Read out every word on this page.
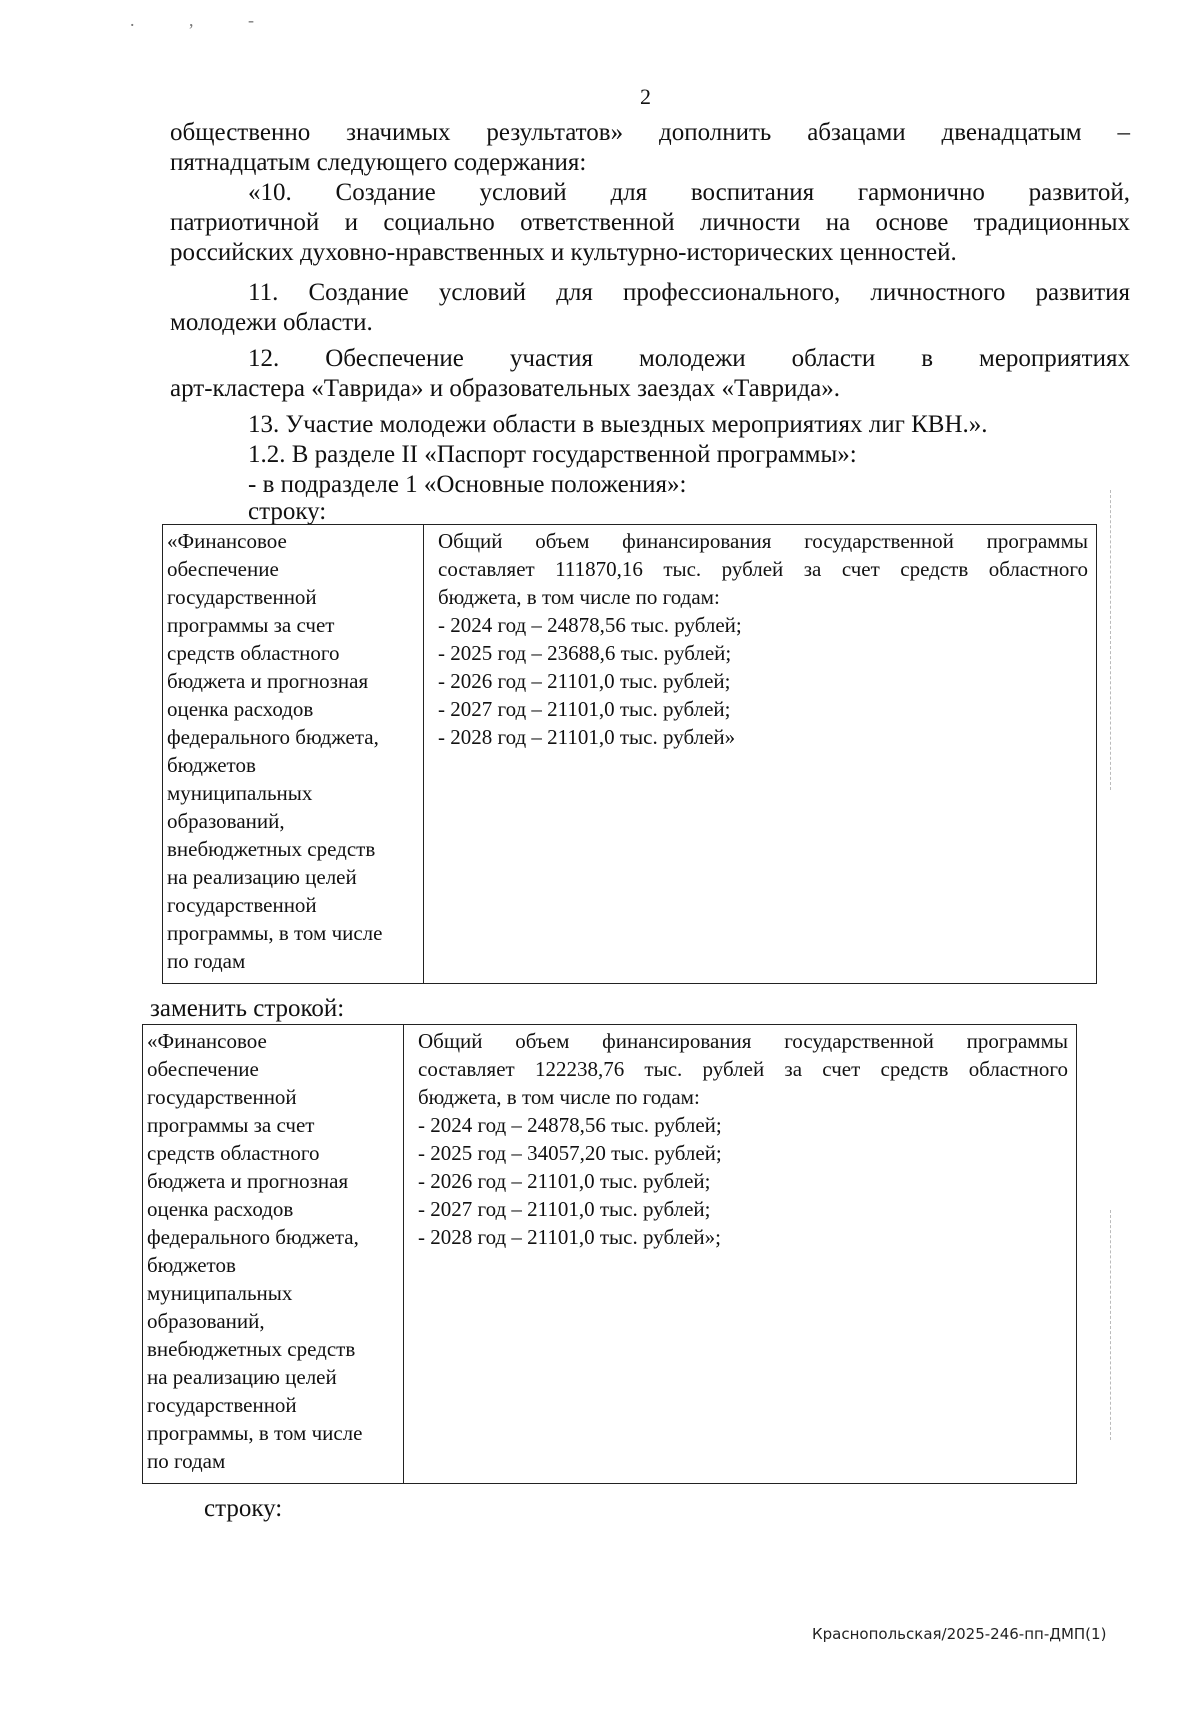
. , -
2

общественно значимых результатов» дополнить абзацами двенадцатым –

пятнадцатым следующего содержания:

«10. Создание условий для воспитания гармонично развитой,

патриотичной и социально ответственной личности на основе традиционных

российских духовно-нравственных и культурно-исторических ценностей.

11. Создание условий для профессионального, личностного развития

молодежи области.

12. Обеспечение участия молодежи области в мероприятиях

арт-кластера «Таврида» и образовательных заездах «Таврида».

13. Участие молодежи области в выездных мероприятиях лиг КВН.».

1.2. В разделе II «Паспорт государственной программы»:

- в подразделе 1 «Основные положения»:

строку:
«Финансовое
обеспечение
государственной
программы за счет
средств областного
бюджета и прогнозная
оценка расходов
федерального бюджета,
бюджетов
муниципальных
образований,
внебюджетных средств
на реализацию целей
государственной
программы, в том числе
по годам

Общий объем финансирования государственной программы
составляет 111870,16 тыс. рублей за счет средств областного
бюджета, в том числе по годам:
- 2024 год – 24878,56 тыс. рублей;
- 2025 год – 23688,6 тыс. рублей;
- 2026 год – 21101,0 тыс. рублей;
- 2027 год – 21101,0 тыс. рублей;
- 2028 год – 21101,0 тыс. рублей»
заменить строкой:
«Финансовое
обеспечение
государственной
программы за счет
средств областного
бюджета и прогнозная
оценка расходов
федерального бюджета,
бюджетов
муниципальных
образований,
внебюджетных средств
на реализацию целей
государственной
программы, в том числе
по годам

Общий объем финансирования государственной программы
составляет 122238,76 тыс. рублей за счет средств областного
бюджета, в том числе по годам:
- 2024 год – 24878,56 тыс. рублей;
- 2025 год – 34057,20 тыс. рублей;
- 2026 год – 21101,0 тыс. рублей;
- 2027 год – 21101,0 тыс. рублей;
- 2028 год – 21101,0 тыс. рублей»;
строку:
Краснопольская/2025-246-пп-ДМП(1)
